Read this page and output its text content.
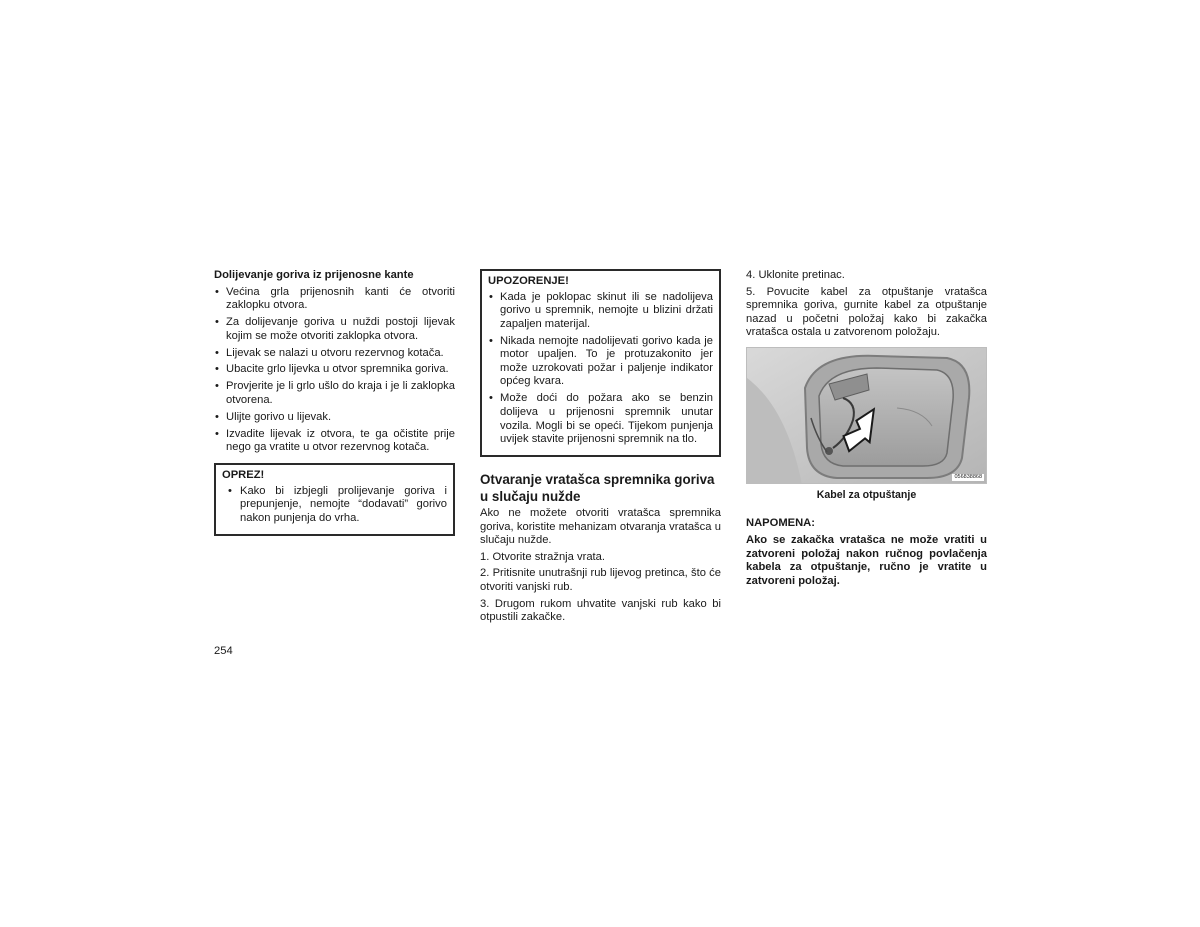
Dolijevanje goriva iz prijenosne kante

• Većina grla prijenosnih kanti će otvoriti zaklopku otvora.
• Za dolijevanje goriva u nuždi postoji lijevak kojim se može otvoriti zaklopka otvora.
• Lijevak se nalazi u otvoru rezervnog kotača.
• Ubacite grlo lijevka u otvor spremnika goriva.
• Provjerite je li grlo ušlo do kraja i je li zaklopka otvorena.
• Ulijte gorivo u lijevak.
• Izvadite lijevak iz otvora, te ga očistite prije nego ga vratite u otvor rezervnog kotača.
OPREZ!
• Kako bi izbjegli prolijevanje goriva i prepunjenje, nemojte “dodavati” gorivo nakon punjenja do vrha.
UPOZORENJE!
• Kada je poklopac skinut ili se nadolijeva gorivo u spremnik, nemojte u blizini držati zapaljen materijal.
• Nikada nemojte nadolijevati gorivo kada je motor upaljen. To je protuzakonito jer može uzrokovati požar i paljenje indikator općeg kvara.
• Može doći do požara ako se benzin dolijeva u prijenosni spremnik unutar vozila. Mogli bi se opeći. Tijekom punjenja uvijek stavite prijenosni spremnik na tlo.
Otvaranje vratašca spremnika goriva u slučaju nužde

Ako ne možete otvoriti vratašca spremnika goriva, koristite mehanizam otvaranja vratašca u slučaju nužde.

1. Otvorite stražnja vrata.

2. Pritisnite unutrašnji rub lijevog pretinca, što će otvoriti vanjski rub.

3. Drugom rukom uhvatite vanjski rub kako bi otpustili zakačke.

4. Uklonite pretinac.

5. Povucite kabel za otpuštanje vratašca spremnika goriva, gurnite kabel za otpuštanje nazad u početni položaj kako bi zakačka vratašca ostala u zatvorenom položaju.

056838868
Kabel za otpuštanje
NAPOMENA:
Ako se zakačka vratašca ne može vratiti u zatvoreni položaj nakon ručnog povlačenja kabela za otpuštanje, ručno je vratite u zatvoreni položaj.
254
